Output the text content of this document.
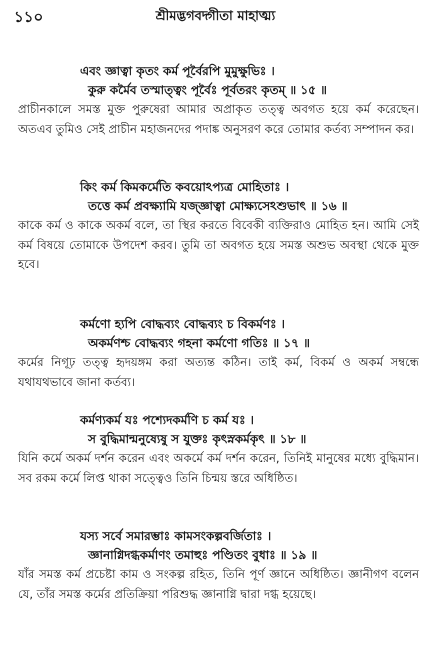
১১০	শ্রীমদ্ভগবদ্গীতা মাহাত্ম্য
এবং জ্ঞাত্বা কৃতং কর্ম পূর্বৈরপি মুমুক্ষুভিঃ ।
কুরু কর্মৈব তস্মাত্ত্বং পূর্বৈঃ পূর্বতরং কৃতম্ ॥ ১৫ ॥
প্রাচীনকালে সমস্ত মুক্ত পুরুষেরা আমার অপ্রাকৃত তত্ত্ব অবগত হয়ে কর্ম করেছেন। অতএব তুমিও সেই প্রাচীন মহাজনদের পদাঙ্ক অনুসরণ করে তোমার কর্তব্য সম্পাদন কর।
কিং কর্ম কিমকর্মেতি কবয়োঽপ্যত্র মোহিতাঃ ।
তত্তে কর্ম প্রবক্ষ্যামি যজ্জ্ঞাত্বা মোক্ষ্যসেঽশুভাৎ ॥ ১৬ ॥
কাকে কর্ম ও কাকে অকর্ম বলে, তা স্থির করতে বিবেকী ব্যক্তিরাও মোহিত হন। আমি সেই কর্ম বিষয়ে তোমাকে উপদেশ করব। তুমি তা অবগত হয়ে সমস্ত অশুভ অবস্থা থেকে মুক্ত হবে।
কর্মণো হ্যপি বোদ্ধব্যং বোদ্ধব্যং চ বিকর্মণঃ ।
অকর্মণশ্চ বোদ্ধব্যং গহনা কর্মণো গতিঃ ॥ ১৭ ॥
কর্মের নিগূঢ় তত্ত্ব হৃদয়ঙ্গম করা অত্যন্ত কঠিন। তাই কর্ম, বিকর্ম ও অকর্ম সম্বন্ধে যথাযথভাবে জানা কর্তব্য।
কর্মণ্যকর্ম যঃ পশ্যেদকর্মণি চ কর্ম যঃ ।
স বুদ্ধিমান্মনুষ্যেষু স যুক্তঃ কৃৎস্নকর্মকৃৎ ॥ ১৮ ॥
যিনি কর্মে অকর্ম দর্শন করেন এবং অকর্মে কর্ম দর্শন করেন, তিনিই মানুষের মধ্যে বুদ্ধিমান। সব রকম কর্মে লিপ্ত থাকা সত্ত্বেও তিনি চিন্ময় স্তরে অধিষ্ঠিত।
যস্য সর্বে সমারম্ভাঃ কামসংকল্পবর্জিতাঃ ।
জ্ঞানাগ্নিদগ্ধকর্মাণং তমাহুঃ পণ্ডিতং বুধাঃ ॥ ১৯ ॥
যাঁর সমস্ত কর্ম প্রচেষ্টা কাম ও সংকল্প রহিত, তিনি পূর্ণ জ্ঞানে অধিষ্ঠিত। জ্ঞানীগণ বলেন যে, তাঁর সমস্ত কর্মের প্রতিক্রিয়া পরিশুদ্ধ জ্ঞানাগ্নি দ্বারা দগ্ধ হয়েছে।
